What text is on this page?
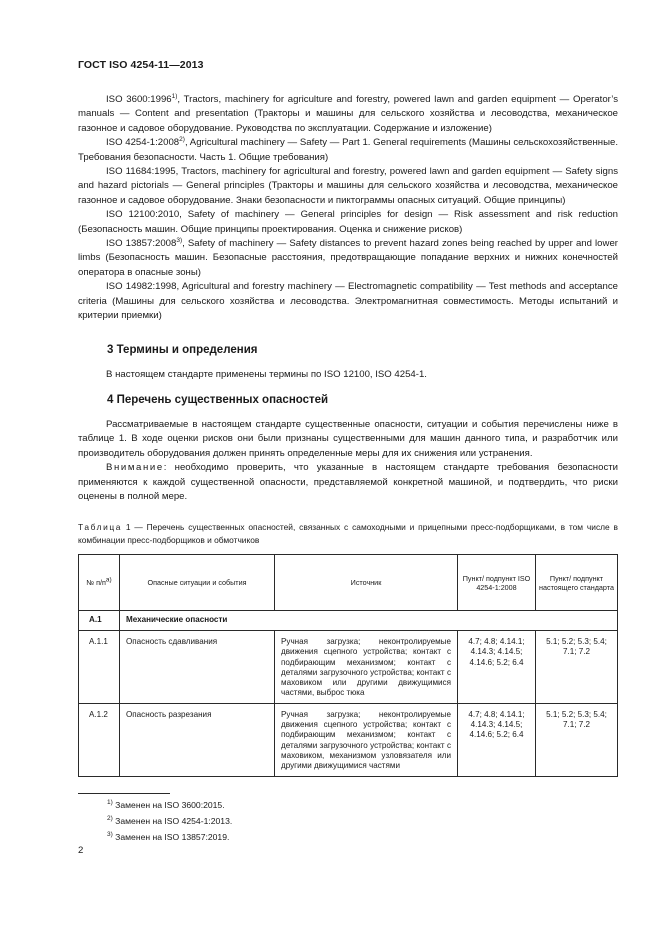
ГОСТ ISO 4254-11—2013

ISO 3600:1996$^{1)}$, Tractors, machinery for agriculture and forestry, powered lawn and garden equipment — Operator’s manuals — Content and presentation (Тракторы и машины для сельского хозяйства и лесоводства, механическое газонное и садовое оборудование. Руководства по эксплуатации. Содержание и изложение)

ISO 4254-1:2008$^{2)}$, Agricultural machinery — Safety — Part 1. General requirements (Машины сельскохозяйственные. Требования безопасности. Часть 1. Общие требования)

ISO 11684:1995, Tractors, machinery for agricultural and forestry, powered lawn and garden equipment — Safety signs and hazard pictorials — General principles (Тракторы и машины для сельского хозяйства и лесоводства, механическое газонное и садовое оборудование. Знаки безопасности и пиктограммы опасных ситуаций. Общие принципы)

ISO 12100:2010, Safety of machinery — General principles for design — Risk assessment and risk reduction (Безопасность машин. Общие принципы проектирования. Оценка и снижение рисков)

ISO 13857:2008$^{3)}$, Safety of machinery — Safety distances to prevent hazard zones being reached by upper and lower limbs (Безопасность машин. Безопасные расстояния, предотвращающие попадание верхних и нижних конечностей оператора в опасные зоны)

ISO 14982:1998, Agricultural and forestry machinery — Electromagnetic compatibility — Test methods and acceptance criteria (Машины для сельского хозяйства и лесоводства. Электромагнитная совместимость. Методы испытаний и критерии приемки)

3 Термины и определения

В настоящем стандарте применены термины по ISO 12100, ISO 4254-1.

4 Перечень существенных опасностей

Рассматриваемые в настоящем стандарте существенные опасности, ситуации и события перечислены ниже в таблице 1. В ходе оценки рисков они были признаны существенными для машин данного типа, и разработчик или производитель оборудования должен принять определенные меры для их снижения или устранения.

Внимание: необходимо проверить, что указанные в настоящем стандарте требования безопасности применяются к каждой существенной опасности, представляемой конкретной машиной, и подтвердить, что риски оценены в полной мере.

Таблица 1 — Перечень существенных опасностей, связанных с самоходными и прицепными пресс-подборщиками, в том числе в комбинации пресс-подборщиков и обмотчиков
№ $п/п^{а)}$	Опасные ситуации и события	Источник	Пункт/ подпункт ISO 4254-1:2008	Пункт/ подпункт настоящего стандарта
A.1	Механические опасности			
A.1.1	Опасность сдавливания	Ручная загрузка; неконтролируемые движения сцепного устройства; контакт с подбирающим механизмом; контакт с деталями загрузочного устройства; контакт с маховиком или другими движущимися частями, выброс тюка	4.7; 4.8; 4.14.1; 4.14.3; 4.14.5; 4.14.6; 5.2; 6.4	5.1; 5.2; 5.3; 5.4; 7.1; 7.2
A.1.2	Опасность разрезания	Ручная загрузка; неконтролируемые движения сцепного устройства; контакт с подбирающим механизмом; контакт с деталями загрузочного устройства; контакт с маховиком, механизмом узловязателя или другими движущимися частями	4.7; 4.8; 4.14.1; 4.14.3; 4.14.5; 4.14.6; 5.2; 6.4	5.1; 5.2; 5.3; 5.4; 7.1; 7.2
$^{1)}$ Заменен на ISO 3600:2015.
$^{2)}$ Заменен на ISO 4254-1:2013.
$^{3)}$ Заменен на ISO 13857:2019.
2
